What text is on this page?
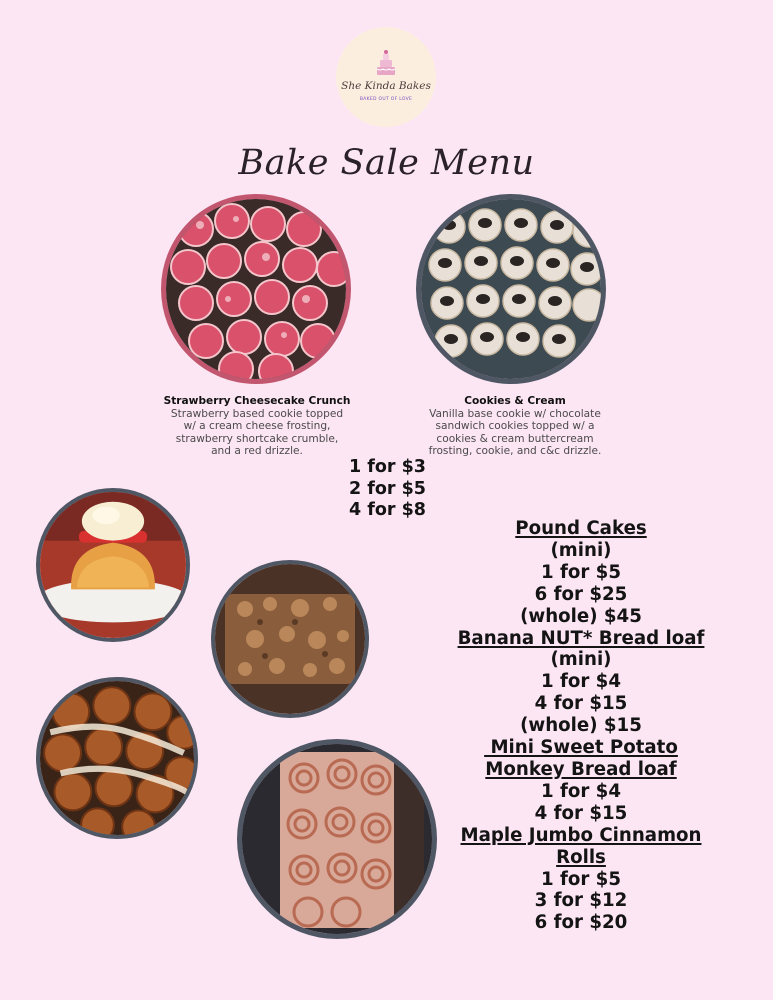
She Kinda Bakes
BAKED OUT OF LOVE
Bake Sale Menu
Strawberry Cheesecake Crunch
Strawberry based cookie topped
w/ a cream cheese frosting,
strawberry shortcake crumble,
and a red drizzle.
Cookies & Cream
Vanilla base cookie w/ chocolate
sandwich cookies topped w/ a
cookies & cream buttercream
frosting, cookie, and c&c drizzle.
1 for $3
2 for $5
4 for $8
Pound Cakes
(mini)
1 for $5
6 for $25
(whole) $45
Banana NUT* Bread loaf
(mini)
1 for $4
4 for $15
(whole) $15
Mini Sweet Potato
Monkey Bread loaf
1 for $4
4 for $15
Maple Jumbo Cinnamon
Rolls
1 for $5
3 for $12
6 for $20
